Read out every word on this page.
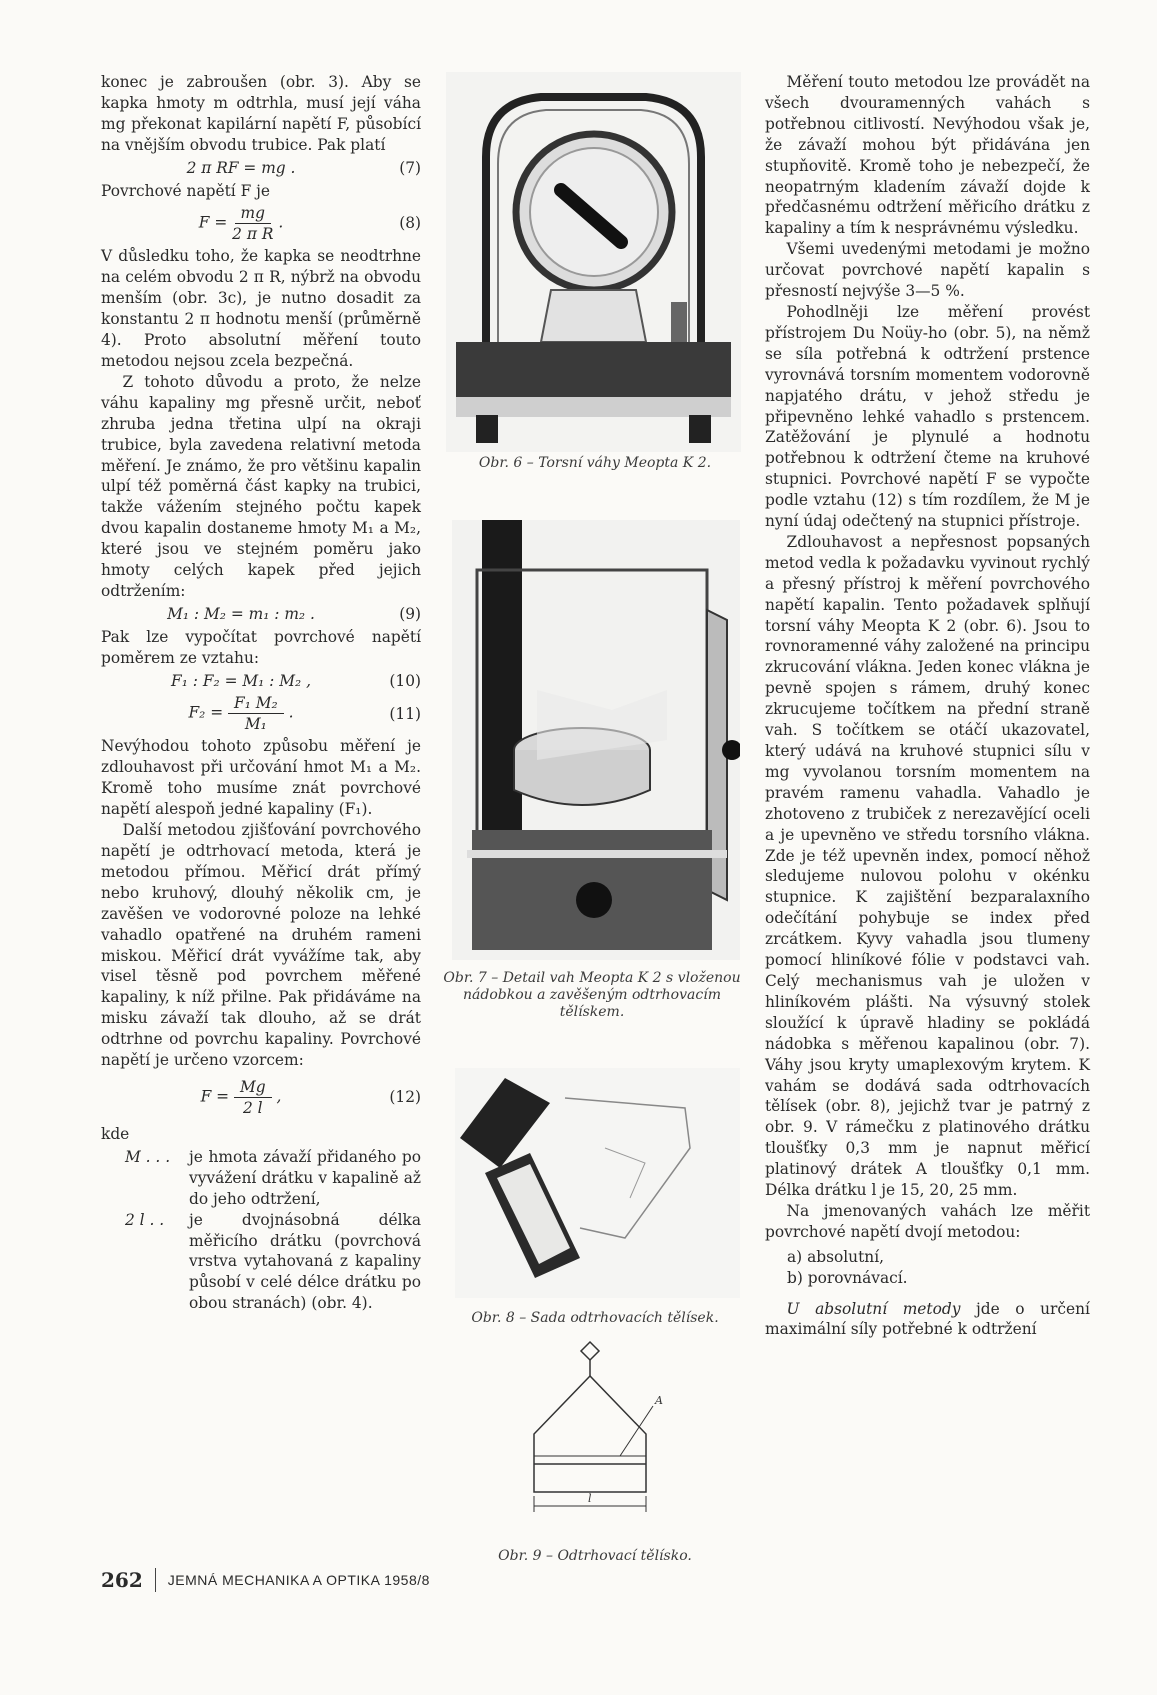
konec je zabroušen (obr. 3). Aby se kapka hmoty m odtrhla, musí její váha mg překonat kapilární napětí F, působící na vnějším obvodu trubice. Pak platí

2 π RF = mg .	(7)

Povrchové napětí F je

$F = \frac{mg}{\text{2 π R}}$ .	(8)

V důsledku toho, že kapka se neodtrhne na celém obvodu 2 π R, nýbrž na obvodu menším (obr. 3c), je nutno dosadit za konstantu 2 π hodnotu menší (průměrně 4). Proto absolutní měření touto metodou nejsou zcela bezpečná.

Z tohoto důvodu a proto, že nelze váhu kapaliny mg přesně určit, neboť zhruba jedna třetina ulpí na okraji trubice, byla zavedena relativní metoda měření. Je známo, že pro většinu kapalin ulpí též poměrná část kapky na trubici, takže vážením stejného počtu kapek dvou kapalin dostaneme hmoty M₁ a M₂, které jsou ve stejném poměru jako hmoty celých kapek před jejich odtržením:

M₁ : M₂ = m₁ : m₂ .	(9)

Pak lze vypočítat povrchové napětí poměrem ze vztahu:

F₁ : F₂ = M₁ : M₂ ,	(10)
$F_2 = \frac{\text{F₁ M₂}}{\text{M₁}}$ .	(11)

Nevýhodou tohoto způsobu měření je zdlouhavost při určování hmot M₁ a M₂. Kromě toho musíme znát povrchové napětí alespoň jedné kapaliny (F₁).

Další metodou zjišťování povrchového napětí je odtrhovací metoda, která je metodou přímou. Měřicí drát přímý nebo kruhový, dlouhý několik cm, je zavěšen ve vodorovné poloze na lehké vahadlo opatřené na druhém rameni miskou. Měřicí drát vyvážíme tak, aby visel těsně pod povrchem měřené kapaliny, k níž přilne. Pak přidáváme na misku závaží tak dlouho, až se drát odtrhne od povrchu kapaliny. Povrchové napětí je určeno vzorcem:

$F = \frac{Mg}{2 l}$ ,	(12)
kde
M . . .	je hmota závaží přidaného po vyvážení drátku v kapalině až do jeho odtržení,
2 l . .	je dvojnásobná délka měřicího drátku (povrchová vrstva vytahovaná z kapaliny působí v celé délce drátku po obou stranách) (obr. 4).
Obr. 6 – Torsní váhy Meopta K 2.
Obr. 7 – Detail vah Meopta K 2 s vloženou nádobkou a zavěšeným odtrhovacím tělískem.
Obr. 8 – Sada odtrhovacích tělísek.
A
l
Obr. 9 – Odtrhovací tělísko.

Měření touto metodou lze provádět na všech dvouramenných vahách s potřebnou citlivostí. Nevýhodou však je, že závaží mohou být přidávána jen stupňovitě. Kromě toho je nebezpečí, že neopatrným kladením závaží dojde k předčasnému odtržení měřicího drátku z kapaliny a tím k nesprávnému výsledku.

Všemi uvedenými metodami je možno určovat povrchové napětí kapalin s přesností nejvýše 3—5 %.

Pohodlněji lze měření provést přístrojem Du Noüy-ho (obr. 5), na němž se síla potřebná k odtržení prstence vyrovnává torsním momentem vodorovně napjatého drátu, v jehož středu je připevněno lehké vahadlo s prstencem. Zatěžování je plynulé a hodnotu potřebnou k odtržení čteme na kruhové stupnici. Povrchové napětí F se vypočte podle vztahu (12) s tím rozdílem, že M je nyní údaj odečtený na stupnici přístroje.

Zdlouhavost a nepřesnost popsaných metod vedla k požadavku vyvinout rychlý a přesný přístroj k měření povrchového napětí kapalin. Tento požadavek splňují torsní váhy Meopta K 2 (obr. 6). Jsou to rovnoramenné váhy založené na principu zkrucování vlákna. Jeden konec vlákna je pevně spojen s rámem, druhý konec zkrucujeme točítkem na přední straně vah. S točítkem se otáčí ukazovatel, který udává na kruhové stupnici sílu v mg vyvolanou torsním momentem na pravém ramenu vahadla. Vahadlo je zhotoveno z trubiček z nerezavějící oceli a je upevněno ve středu torsního vlákna. Zde je též upevněn index, pomocí něhož sledujeme nulovou polohu v okénku stupnice. K zajištění bezparalaxního odečítání pohybuje se index před zrcátkem. Kyvy vahadla jsou tlumeny pomocí hliníkové fólie v podstavci vah. Celý mechanismus vah je uložen v hliníkovém plášti. Na výsuvný stolek sloužící k úpravě hladiny se pokládá nádobka s měřenou kapalinou (obr. 7). Váhy jsou kryty umaplexovým krytem. K vahám se dodává sada odtrhovacích tělísek (obr. 8), jejichž tvar je patrný z obr. 9. V rámečku z platinového drátku tloušťky 0,3 mm je napnut měřicí platinový drátek A tloušťky 0,1 mm. Délka drátku l je 15, 20, 25 mm.

Na jmenovaných vahách lze měřit povrchové napětí dvojí metodou:

a) absolutní,
b) porovnávací.

U absolutní metody jde o určení maximální síly potřebné k odtržení

262 JEMNÁ MECHANIKA A OPTIKA 1958/8
